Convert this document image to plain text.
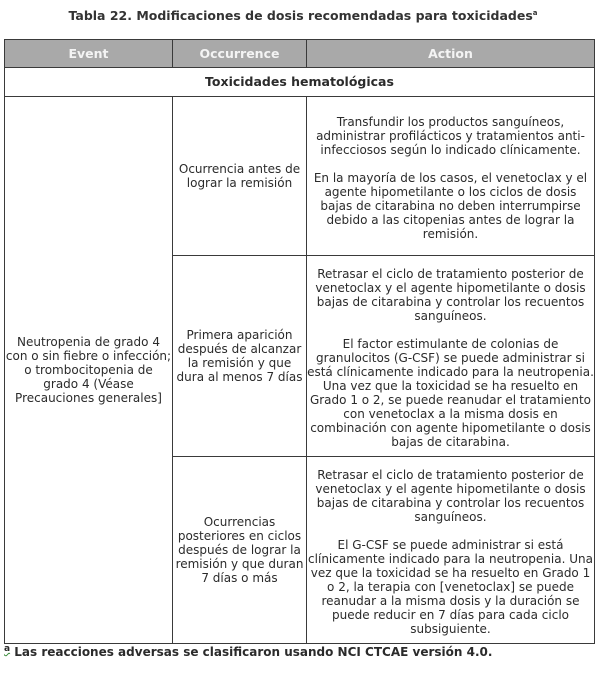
Tabla 22. Modificaciones de dosis recomendadas para toxicidades$^a$
Event	Occurrence	Action
Toxicidades hematológicas		
Neutropenia de grado 4 con o sin fiebre o infección; o trombocitopenia de grado 4 (Véase Precauciones generales]	Ocurrencia antes de lograr la remisión	Transfundir los productos sanguíneos, administrar profilácticos y tratamientos anti-infecciosos según lo indicado clínicamente.

En la mayoría de los casos, el venetoclax y el agente hipometilante o los ciclos de dosis bajas de citarabina no deben interrumpirse debido a las citopenias antes de lograr la remisión.

	Primera aparición después de alcanzar la remisión y que dura al menos 7 días	Retrasar el ciclo de tratamiento posterior de venetoclax y el agente hipometilante o dosis bajas de citarabina y controlar los recuentos sanguíneos.

El factor estimulante de colonias de granulocitos (G-CSF) se puede administrar si está clínicamente indicado para la neutropenia. Una vez que la toxicidad se ha resuelto en Grado 1 o 2, se puede reanudar el tratamiento con venetoclax a la misma dosis en combinación con agente hipometilante o dosis bajas de citarabina.

	Ocurrencias posteriores en ciclos después de lograr la remisión y que duran 7 días o más	Retrasar el ciclo de tratamiento posterior de venetoclax y el agente hipometilante o dosis bajas de citarabina y controlar los recuentos sanguíneos.

El G-CSF se puede administrar si está clínicamente indicado para la neutropenia. Una vez que la toxicidad se ha resuelto en Grado 1 o 2, la terapia con [venetoclax] se puede reanudar a la misma dosis y la duración se puede reducir en 7 días para cada ciclo subsiguiente.

$^a$ Las reacciones adversas se clasificaron usando NCI CTCAE versión 4.0.
